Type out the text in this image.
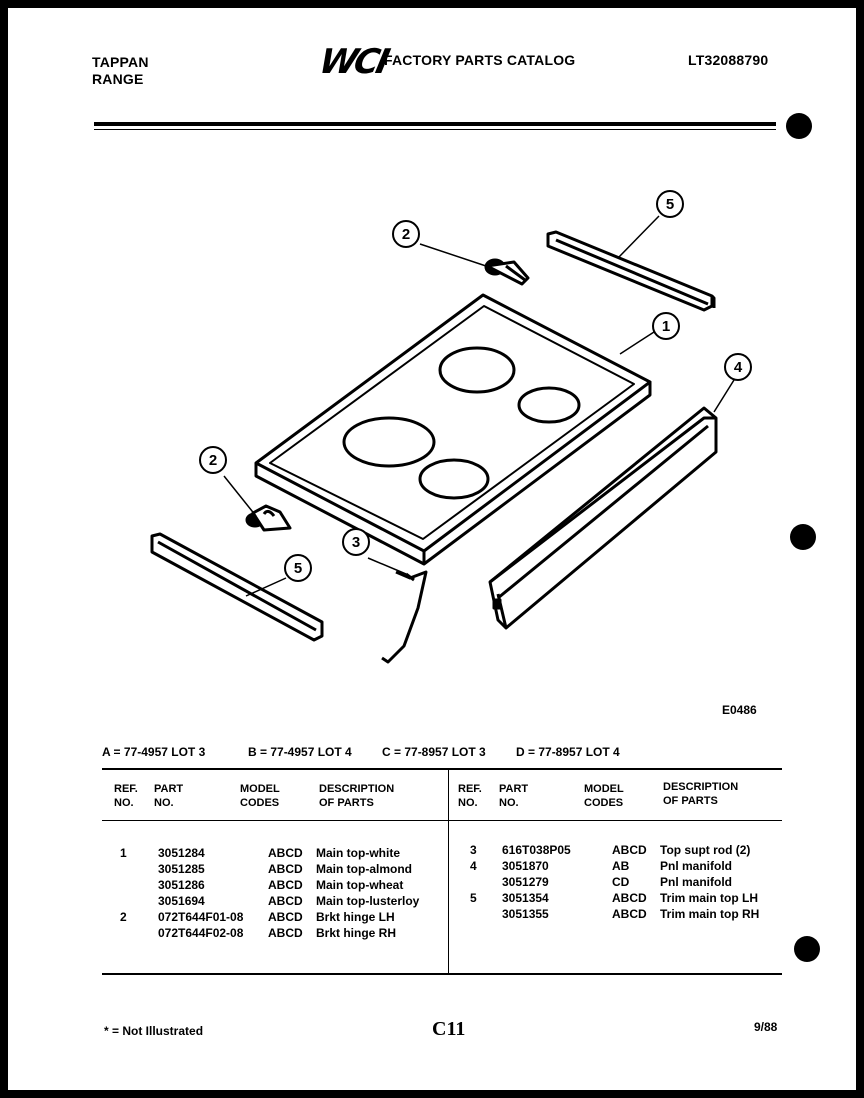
TAPPAN
RANGE	WCI
FACTORY PARTS CATALOG	LT32088790
2
5
1
4
2
3
5
E0486
A = 77-4957 LOT 3	B = 77-4957 LOT 4	C = 77-8957 LOT 3	D = 77-8957 LOT 4
REF.
NO.
PART
NO.
MODEL
CODES
DESCRIPTION
OF PARTS
REF.
NO.
PART
NO.
MODEL
CODES
DESCRIPTION
OF PARTS
1	3051284	ABCD	Main top-white
3051285	ABCD	Main top-almond
3051286	ABCD	Main top-wheat
3051694	ABCD	Main top-lusterloy
2	072T644F01-08	ABCD	Brkt hinge LH
072T644F02-08	ABCD	Brkt hinge RH
3	616T038P05	ABCD	Top supt rod (2)
4	3051870	AB	Pnl manifold
3051279	CD	Pnl manifold
5	3051354	ABCD	Trim main top LH
3051355	ABCD	Trim main top RH
* = Not Illustrated	C11	9/88
